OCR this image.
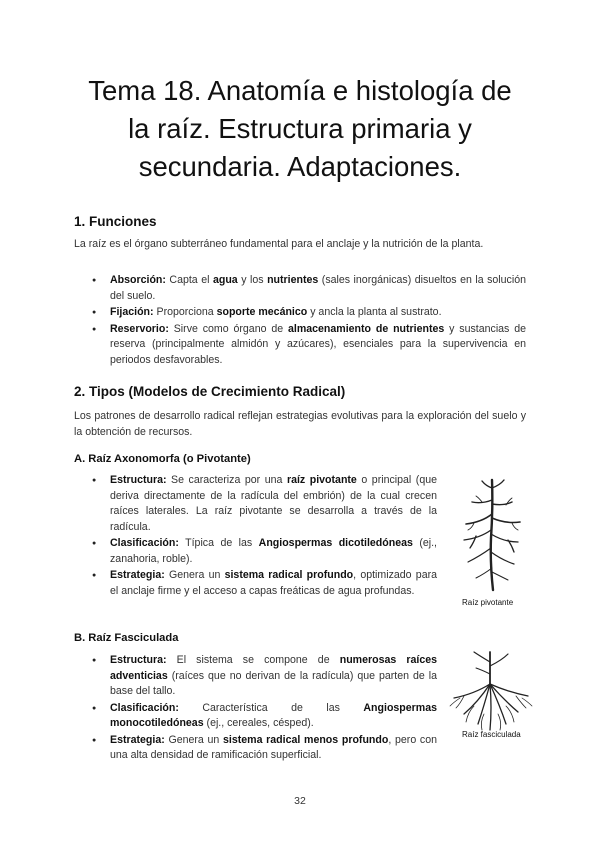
Tema 18. Anatomía e histología de
la raíz. Estructura primaria y
secundaria. Adaptaciones.
1. Funciones

La raíz es el órgano subterráneo fundamental para el anclaje y la nutrición de la planta.

● Absorción: Capta el agua y los nutrientes (sales inorgánicas) disueltos en la solución del suelo.
● Fijación: Proporciona soporte mecánico y ancla la planta al sustrato.
● Reservorio: Sirve como órgano de almacenamiento de nutrientes y sustancias de reserva (principalmente almidón y azúcares), esenciales para la supervivencia en periodos desfavorables.
2. Tipos (Modelos de Crecimiento Radical)

Los patrones de desarrollo radical reflejan estrategias evolutivas para la exploración del suelo y la obtención de recursos.

A. Raíz Axonomorfa (o Pivotante)
● Estructura: Se caracteriza por una raíz pivotante o principal (que deriva directamente de la radícula del embrión) de la cual crecen raíces laterales. La raíz pivotante se desarrolla a través de la radícula.
● Clasificación: Típica de las Angiospermas dicotiledóneas (ej., zanahoria, roble).
● Estrategia: Genera un sistema radical profundo, optimizado para el anclaje firme y el acceso a capas freáticas de agua profundas.
Raíz pivotante
B. Raíz Fasciculada
● Estructura: El sistema se compone de numerosas raíces adventicias (raíces que no derivan de la radícula) que parten de la base del tallo.
● Clasificación: Característica de las Angiospermas monocotiledóneas (ej., cereales, césped).
● Estrategia: Genera un sistema radical menos profundo, pero con una alta densidad de ramificación superficial.
Raíz fasciculada
32
